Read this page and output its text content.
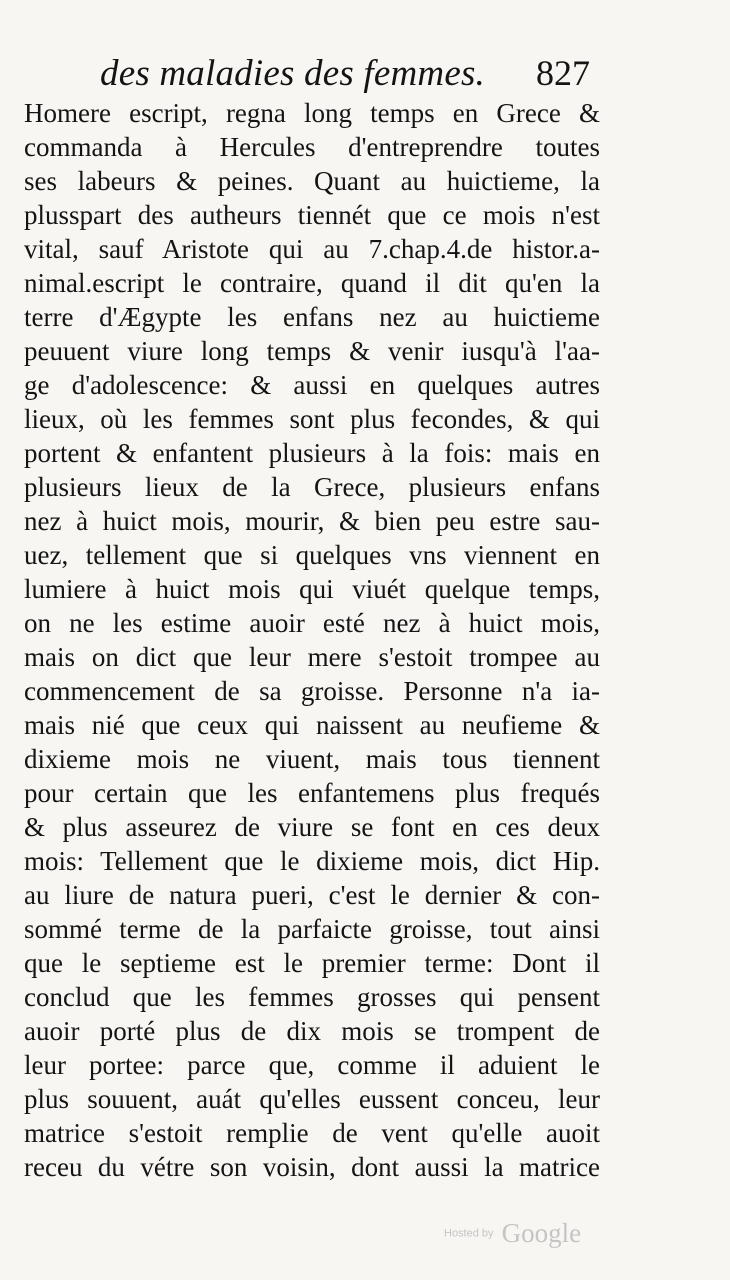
des maladies des femmes. 827
Homere escript, regna long temps en Grece &
commanda à Hercules d'entreprendre toutes
ses labeurs & peines. Quant au huictieme, la
plusspart des autheurs tiennét que ce mois n'est
vital, sauf Aristote qui au 7.chap.4.de histor.a-
nimal.escript le contraire, quand il dit qu'en la
terre d'Ægypte les enfans nez au huictieme
peuuent viure long temps & venir iusqu'à l'aa-
ge d'adolescence: & aussi en quelques autres
lieux, où les femmes sont plus fecondes, & qui
portent & enfantent plusieurs à la fois: mais en
plusieurs lieux de la Grece, plusieurs enfans
nez à huict mois, mourir, & bien peu estre sau-
uez, tellement que si quelques vns viennent en
lumiere à huict mois qui viuét quelque temps,
on ne les estime auoir esté nez à huict mois,
mais on dict que leur mere s'estoit trompee au
commencement de sa groisse. Personne n'a ia-
mais nié que ceux qui naissent au neufieme &
dixieme mois ne viuent, mais tous tiennent
pour certain que les enfantemens plus frequés
& plus asseurez de viure se font en ces deux
mois: Tellement que le dixieme mois, dict Hip.
au liure de natura pueri, c'est le dernier & con-
sommé terme de la parfaicte groisse, tout ainsi
que le septieme est le premier terme: Dont il
conclud que les femmes grosses qui pensent
auoir porté plus de dix mois se trompent de
leur portee: parce que, comme il aduient le
plus souuent, auát qu'elles eussent conceu, leur
matrice s'estoit remplie de vent qu'elle auoit
receu du vétre son voisin, dont aussi la matrice
Hosted by Google
